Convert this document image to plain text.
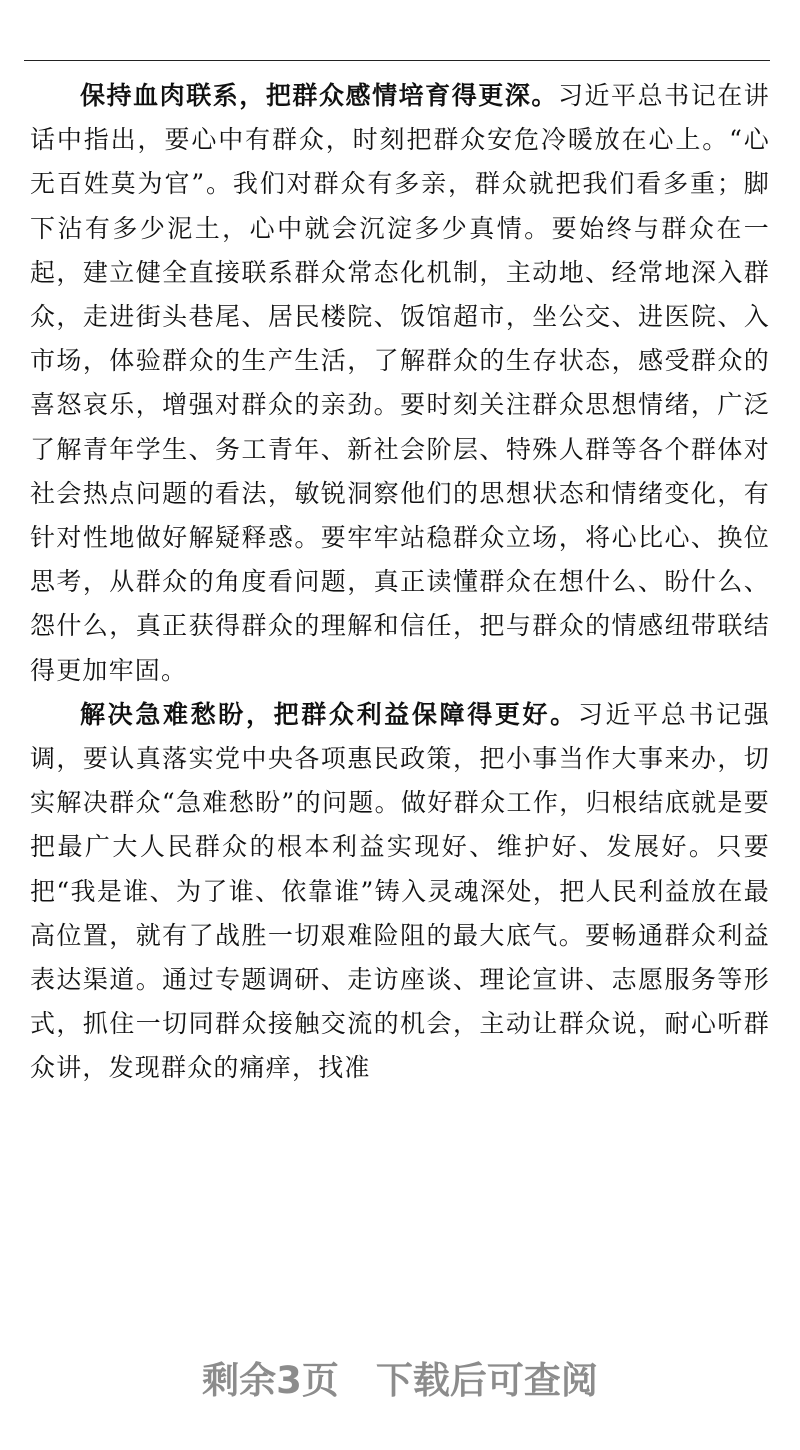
保持血肉联系，把群众感情培育得更深。习近平总书记在讲话中指出，要心中有群众，时刻把群众安危冷暖放在心上。“心无百姓莫为官”。我们对群众有多亲，群众就把我们看多重；脚下沾有多少泥土，心中就会沉淀多少真情。要始终与群众在一起，建立健全直接联系群众常态化机制，主动地、经常地深入群众，走进街头巷尾、居民楼院、饭馆超市，坐公交、进医院、入市场，体验群众的生产生活，了解群众的生存状态，感受群众的喜怒哀乐，增强对群众的亲劲。要时刻关注群众思想情绪，广泛了解青年学生、务工青年、新社会阶层、特殊人群等各个群体对社会热点问题的看法，敏锐洞察他们的思想状态和情绪变化，有针对性地做好解疑释惑。要牢牢站稳群众立场，将心比心、换位思考，从群众的角度看问题，真正读懂群众在想什么、盼什么、怨什么，真正获得群众的理解和信任，把与群众的情感纽带联结得更加牢固。

解决急难愁盼，把群众利益保障得更好。习近平总书记强调，要认真落实党中央各项惠民政策，把小事当作大事来办，切实解决群众“急难愁盼”的问题。做好群众工作，归根结底就是要把最广大人民群众的根本利益实现好、维护好、发展好。只要把“我是谁、为了谁、依靠谁”铸入灵魂深处，把人民利益放在最高位置，就有了战胜一切艰难险阻的最大底气。要畅通群众利益表达渠道。通过专题调研、走访座谈、理论宣讲、志愿服务等形式，抓住一切同群众接触交流的机会，主动让群众说，耐心听群众讲，发现群众的痛痒，找准

剩余3页　下载后可查阅
